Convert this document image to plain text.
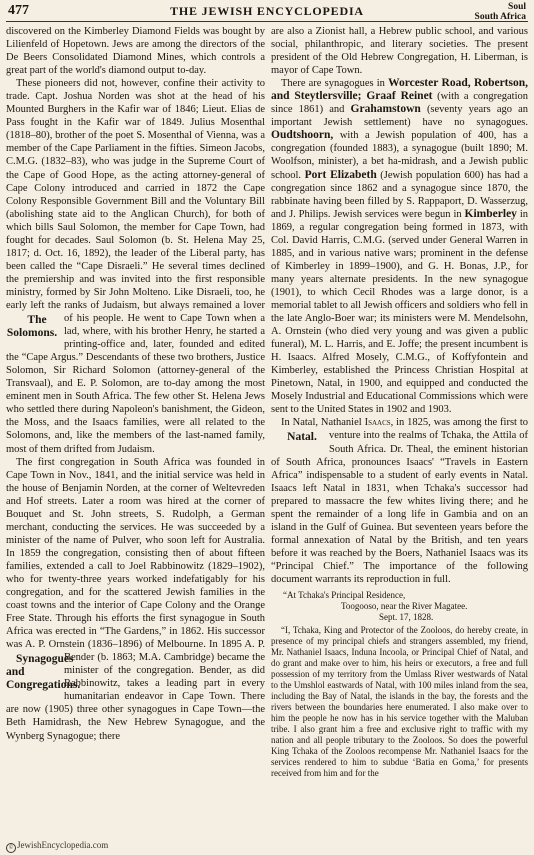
477	THE JEWISH ENCYCLOPEDIA	Soul
South Africa

discovered on the Kimberley Diamond Fields was bought by Lilienfeld of Hopetown. Jews are among the directors of the De Beers Consolidated Diamond Mines, which controls a great part of the world's diamond output to-day.

These pioneers did not, however, confine their activity to trade. Capt. Joshua Norden was shot at the head of his Mounted Burghers in the Kafir war of 1846; Lieut. Elias de Pass fought in the Kafir war of 1849. Julius Mosenthal (1818–80), brother of the poet S. Mosenthal of Vienna, was a member of the Cape Parliament in the fifties. Simeon Jacobs, C.M.G. (1832–83), who was judge in the Supreme Court of the Cape of Good Hope, as the acting attorney-general of Cape Colony introduced and carried in 1872 the Cape Colony Responsible Government Bill and the Voluntary Bill (abolishing state aid to the Anglican Church), for both of which bills Saul Solomon, the member for Cape Town, had fought for decades. Saul Solomon (b. St. Helena May 25, 1817; d. Oct. 16, 1892), the leader of the Liberal party, has been called the “Cape Disraeli.” He several times declined the premiership and was invited into the first responsible ministry, formed by Sir John Molteno. Like Disraeli, too, he early left the ranks of Judaism, but always remained a lover of his people. He went to Cape
The Solomons.
Town when a lad, where, with his brother Henry, he started a printing-office and, later, founded and edited the “Cape Argus.” Descendants of these two brothers, Justice Solomon, Sir Richard Solomon (attorney-general of the Transvaal), and E. P. Solomon, are to-day among the most eminent men in South Africa. The few other St. Helena Jews who settled there during Napoleon's banishment, the Gideon, the Moss, and the Isaacs families, were all related to the Solomons, and, like the members of the last-named family, most of them drifted from Judaism.

The first congregation in South Africa was founded in Cape Town in Nov., 1841, and the initial service was held in the house of Benjamin Norden, at the corner of Weltevreden and Hof streets. Later a room was hired at the corner of Bouquet and St. John streets, S. Rudolph, a German merchant, conducting the services. He was succeeded by a minister of the name of Pulver, who soon left for Australia. In 1859 the congregation, consisting then of about fifteen families, extended a call to Joel Rabbinowitz (1829–1902), who for twenty-three years worked indefatigably for his congregation, and for the scattered Jewish families in the coast towns and the interior of Cape Colony and the Orange Free State. Through his efforts the first synagogue in South Africa was erected in “The Gardens,” in 1862. His successor was A. P. Ornstein (1836–1896) of Melbourne. In 1895 A. P. Bender (b.
Synagogues and Congregations.
1863; M.A. Cambridge) became the minister of the congregation. Bender, as did Rabbinowitz, takes a leading part in every humanitarian endeavor in Cape Town. There are now (1905) three other synagogues in Cape Town—the Beth Hamidrash, the New Hebrew Synagogue, and the Wynberg Synagogue; there

are also a Zionist hall, a Hebrew public school, and various social, philanthropic, and literary societies. The present president of the Old Hebrew Congregation, H. Liberman, is mayor of Cape Town.

There are synagogues in Worcester Road, Robertson, and Steytlersville; Graaf Reinet (with a congregation since 1861) and Grahamstown (seventy years ago an important Jewish settlement) have no synagogues. Oudtshoorn, with a Jewish population of 400, has a congregation (founded 1883), a synagogue (built 1890; M. Woolfson, minister), a bet ha-midrash, and a Jewish public school. Port Elizabeth (Jewish population 600) has had a congregation since 1862 and a synagogue since 1870, the rabbinate having been filled by S. Rappaport, D. Wasserzug, and J. Philips. Jewish services were begun in Kimberley in 1869, a regular congregation being formed in 1873, with Col. David Harris, C.M.G. (served under General Warren in 1885, and in various native wars; prominent in the defense of Kimberley in 1899–1900), and G. H. Bonas, J.P., for many years alternate presidents. In the new synagogue (1901), to which Cecil Rhodes was a large donor, is a memorial tablet to all Jewish officers and soldiers who fell in the late Anglo-Boer war; its ministers were M. Mendelsohn, A. Ornstein (who died very young and was given a public funeral), M. L. Harris, and E. Joffe; the present incumbent is H. Isaacs. Alfred Mosely, C.M.G., of Koffyfontein and Kimberley, established the Princess Christian Hospital at Pinetown, Natal, in 1900, and equipped and conducted the Mosely Industrial and Educational Commissions which were sent to the United States in 1902 and 1903.

In Natal, Nathaniel Isaacs, in 1825, was among the first to venture into the realms of Tchaka, the
Natal.	Attila of South Africa. Dr. Theal, the eminent historian of South Africa, pronounces Isaacs' “Travels in Eastern Africa” indispensable to a student of early events in Natal. Isaacs left Natal in 1831, when Tchaka's successor had prepared to massacre the few whites living there; and he spent the remainder of a long life in Gambia and on an island in the Gulf of Guinea. But seventeen years before the formal annexation of Natal by the British, and ten years before it was reached by the Boers, Nathaniel Isaacs was its “Principal Chief.” The importance of the following document warrants its reproduction in full.

“At Tchaka's Principal Residence,
Toogooso, near the River Magatee.
Sept. 17, 1828.

“I, Tchaka, King and Protector of the Zooloos, do hereby create, in presence of my principal chiefs and strangers assembled, my friend, Mr. Nathaniel Isaacs, Induna Incoola, or Principal Chief of Natal, and do grant and make over to him, his heirs or executors, a free and full possession of my territory from the Umlass River westwards of Natal to the Umshlol eastwards of Natal, with 100 miles inland from the sea, including the Bay of Natal, the islands in the bay, the forests and the rivers between the boundaries here enumerated. I also make over to him the people he now has in his service together with the Maluban tribe. I also grant him a free and exclusive right to traffic with my nation and all people tributary to the Zooloos. So does the powerful King Tchaka of the Zooloos recompense Mr. Nathaniel Isaacs for the services rendered to him to subdue ‘Batia en Goma,’ for presents received from him and for the

© JewishEncyclopedia.com
